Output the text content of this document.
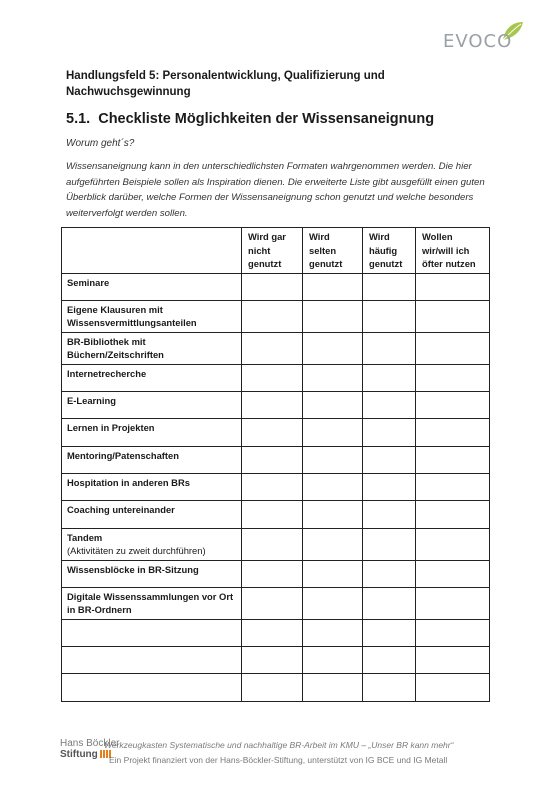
EVOCO
Handlungsfeld 5: Personalentwicklung, Qualifizierung und Nachwuchsgewinnung
5.1. Checkliste Möglichkeiten der Wissensaneignung
Worum geht´s?
Wissensaneignung kann in den unterschiedlichsten Formaten wahrgenommen werden. Die hier aufgeführten Beispiele sollen als Inspiration dienen. Die erweiterte Liste gibt ausgefüllt einen guten Überblick darüber, welche Formen der Wissensaneignung schon genutzt und welche besonders weiterverfolgt werden sollen.
	Wird gar nicht genutzt	Wird selten genutzt	Wird häufig genutzt	Wollen wir/will ich öfter nutzen
Seminare				
Eigene Klausuren mit Wissensvermittlungsanteilen				
BR-Bibliothek mit Büchern/Zeitschriften				
Internetrecherche				
E-Learning				
Lernen in Projekten				
Mentoring/Patenschaften				
Hospitation in anderen BRs				
Coaching untereinander				
Tandem
(Aktivitäten zu zweit durchführen)				

Wissensblöcke in BR-Sitzung				
Digitale Wissenssammlungen vor Ort in BR-Ordnern				

Hans Böckler
Stiftung
Werkzeugkasten Systematische und nachhaltige BR-Arbeit im KMU – „Unser BR kann mehr“
Ein Projekt finanziert von der Hans-Böckler-Stiftung, unterstützt von IG BCE und IG Metall
